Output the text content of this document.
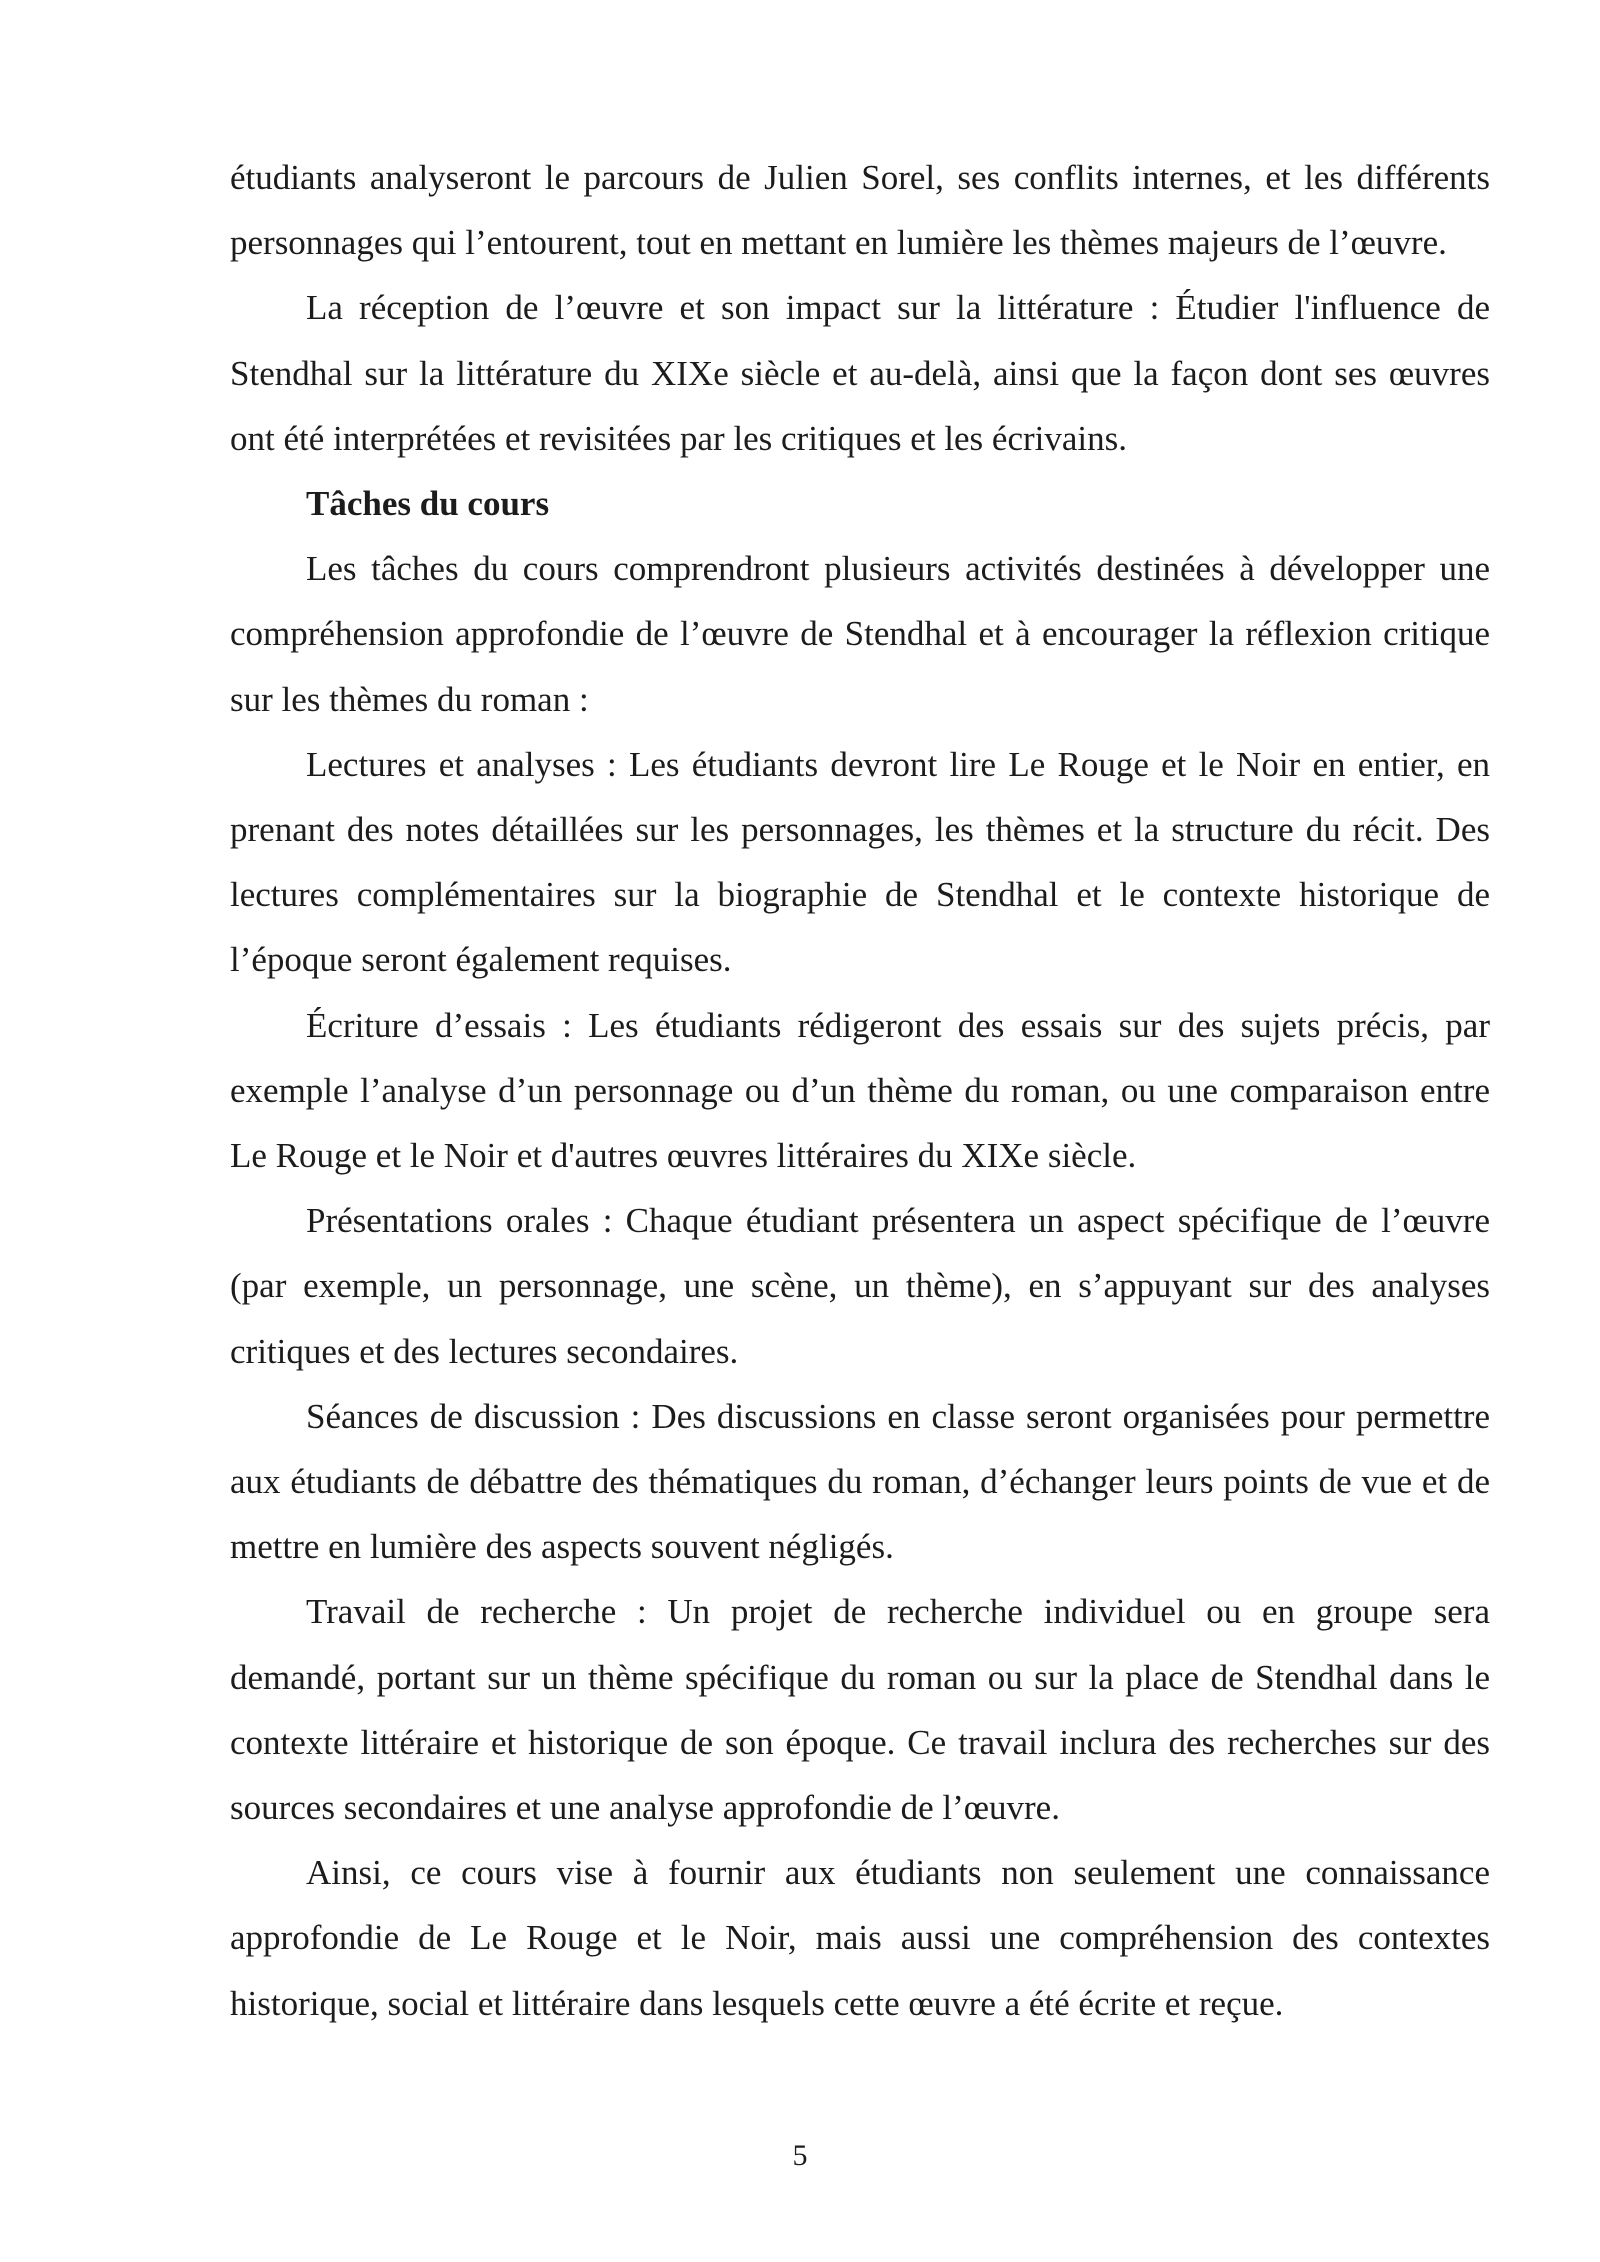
étudiants analyseront le parcours de Julien Sorel, ses conflits internes, et les différents personnages qui l’entourent, tout en mettant en lumière les thèmes majeurs de l’œuvre.

La réception de l’œuvre et son impact sur la littérature : Étudier l'influence de Stendhal sur la littérature du XIXe siècle et au-delà, ainsi que la façon dont ses œuvres ont été interprétées et revisitées par les critiques et les écrivains.

Tâches du cours

Les tâches du cours comprendront plusieurs activités destinées à développer une compréhension approfondie de l’œuvre de Stendhal et à encourager la réflexion critique sur les thèmes du roman :

Lectures et analyses : Les étudiants devront lire Le Rouge et le Noir en entier, en prenant des notes détaillées sur les personnages, les thèmes et la structure du récit. Des lectures complémentaires sur la biographie de Stendhal et le contexte historique de l’époque seront également requises.

Écriture d’essais : Les étudiants rédigeront des essais sur des sujets précis, par exemple l’analyse d’un personnage ou d’un thème du roman, ou une comparaison entre Le Rouge et le Noir et d'autres œuvres littéraires du XIXe siècle.

Présentations orales : Chaque étudiant présentera un aspect spécifique de l’œuvre (par exemple, un personnage, une scène, un thème), en s’appuyant sur des analyses critiques et des lectures secondaires.

Séances de discussion : Des discussions en classe seront organisées pour permettre aux étudiants de débattre des thématiques du roman, d’échanger leurs points de vue et de mettre en lumière des aspects souvent négligés.

Travail de recherche : Un projet de recherche individuel ou en groupe sera demandé, portant sur un thème spécifique du roman ou sur la place de Stendhal dans le contexte littéraire et historique de son époque. Ce travail inclura des recherches sur des sources secondaires et une analyse approfondie de l’œuvre.

Ainsi, ce cours vise à fournir aux étudiants non seulement une connaissance approfondie de Le Rouge et le Noir, mais aussi une compréhension des contextes historique, social et littéraire dans lesquels cette œuvre a été écrite et reçue.

5
